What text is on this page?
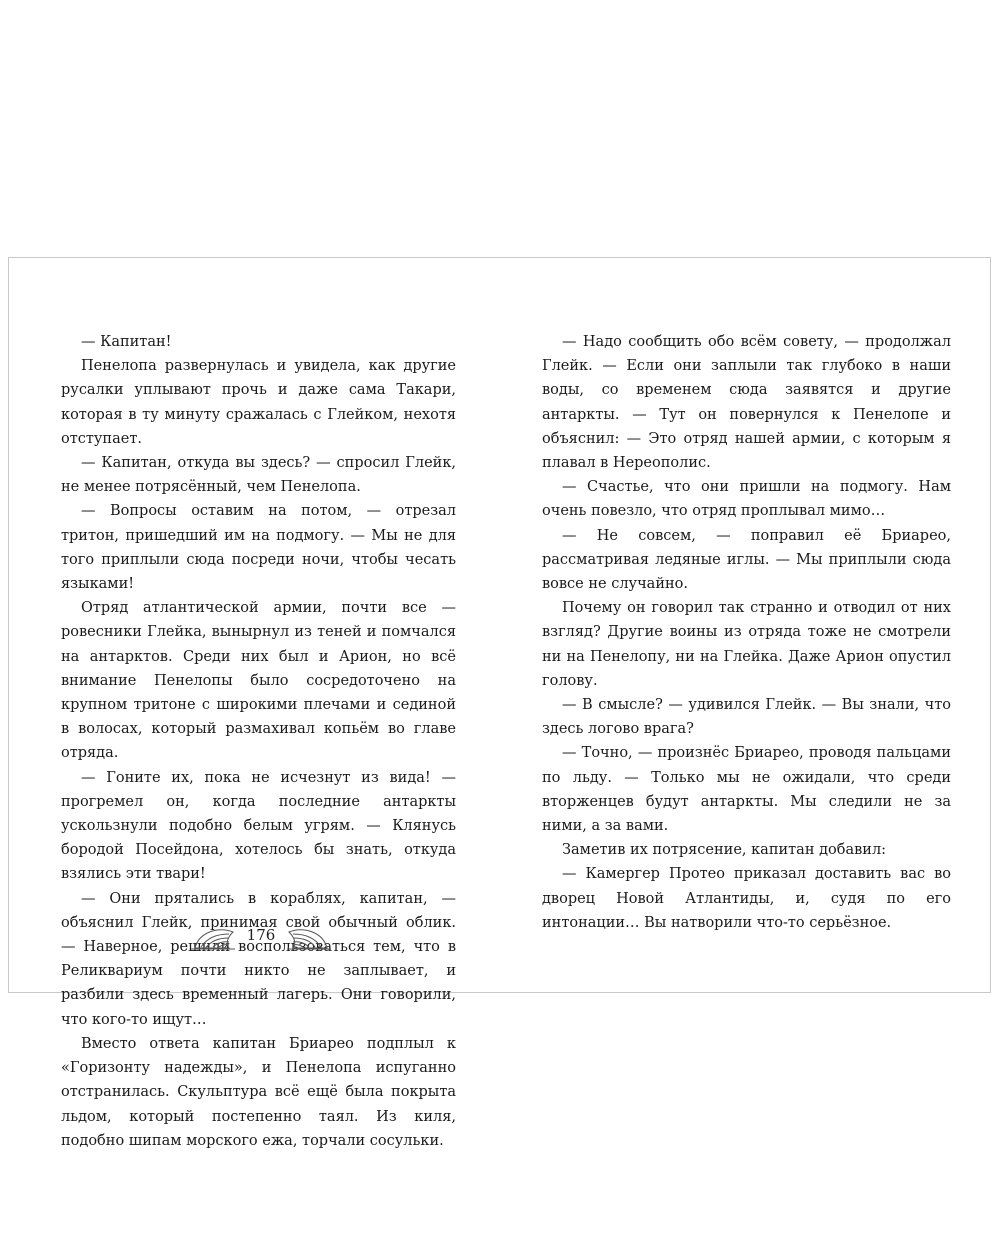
— Капитан!

Пенелопа развернулась и увидела, как другие русалки уплывают прочь и даже сама Такари, которая в ту минуту сражалась с Глейком, нехотя отступает.

— Капитан, откуда вы здесь? — спросил Глейк, не менее потрясённый, чем Пенелопа.

— Вопросы оставим на потом, — отрезал тритон, пришедший им на подмогу. — Мы не для того приплыли сюда посреди ночи, чтобы чесать языками!

Отряд атлантической армии, почти все — ровесники Глейка, вынырнул из теней и помчался на антарктов. Среди них был и Арион, но всё внимание Пенелопы было сосредоточено на крупном тритоне с широкими плечами и сединой в волосах, который размахивал копьём во главе отряда.

— Гоните их, пока не исчезнут из вида! — прогремел он, когда последние антаркты ускользнули подобно белым угрям. — Клянусь бородой Посейдона, хотелось бы знать, откуда взялись эти твари!

— Они прятались в кораблях, капитан, — объяснил Глейк, принимая свой обычный облик. — Наверное, решили воспользоваться тем, что в Реликвариум почти никто не заплывает, и разбили здесь временный лагерь. Они говорили, что кого-то ищут…

Вместо ответа капитан Бриарео подплыл к «Горизонту надежды», и Пенелопа испуганно отстранилась. Скульптура всё ещё была покрыта льдом, который постепенно таял. Из киля, подобно шипам морского ежа, торчали сосульки.

176

— Надо сообщить обо всём совету, — продолжал Глейк. — Если они заплыли так глубоко в наши воды, со временем сюда заявятся и другие антаркты. — Тут он повернулся к Пенелопе и объяснил: — Это отряд нашей армии, с которым я плавал в Нереополис.

— Счастье, что они пришли на подмогу. Нам очень повезло, что отряд проплывал мимо…

— Не совсем, — поправил её Бриарео, рассматривая ледяные иглы. — Мы приплыли сюда вовсе не случайно.

Почему он говорил так странно и отводил от них взгляд? Другие воины из отряда тоже не смотрели ни на Пенелопу, ни на Глейка. Даже Арион опустил голову.

— В смысле? — удивился Глейк. — Вы знали, что здесь логово врага?

— Точно, — произнёс Бриарео, проводя пальцами по льду. — Только мы не ожидали, что среди вторженцев будут антаркты. Мы следили не за ними, а за вами.

Заметив их потрясение, капитан добавил:

— Камергер Протео приказал доставить вас во дворец Новой Атлантиды, и, судя по его интонации… Вы натворили что-то серьёзное.
